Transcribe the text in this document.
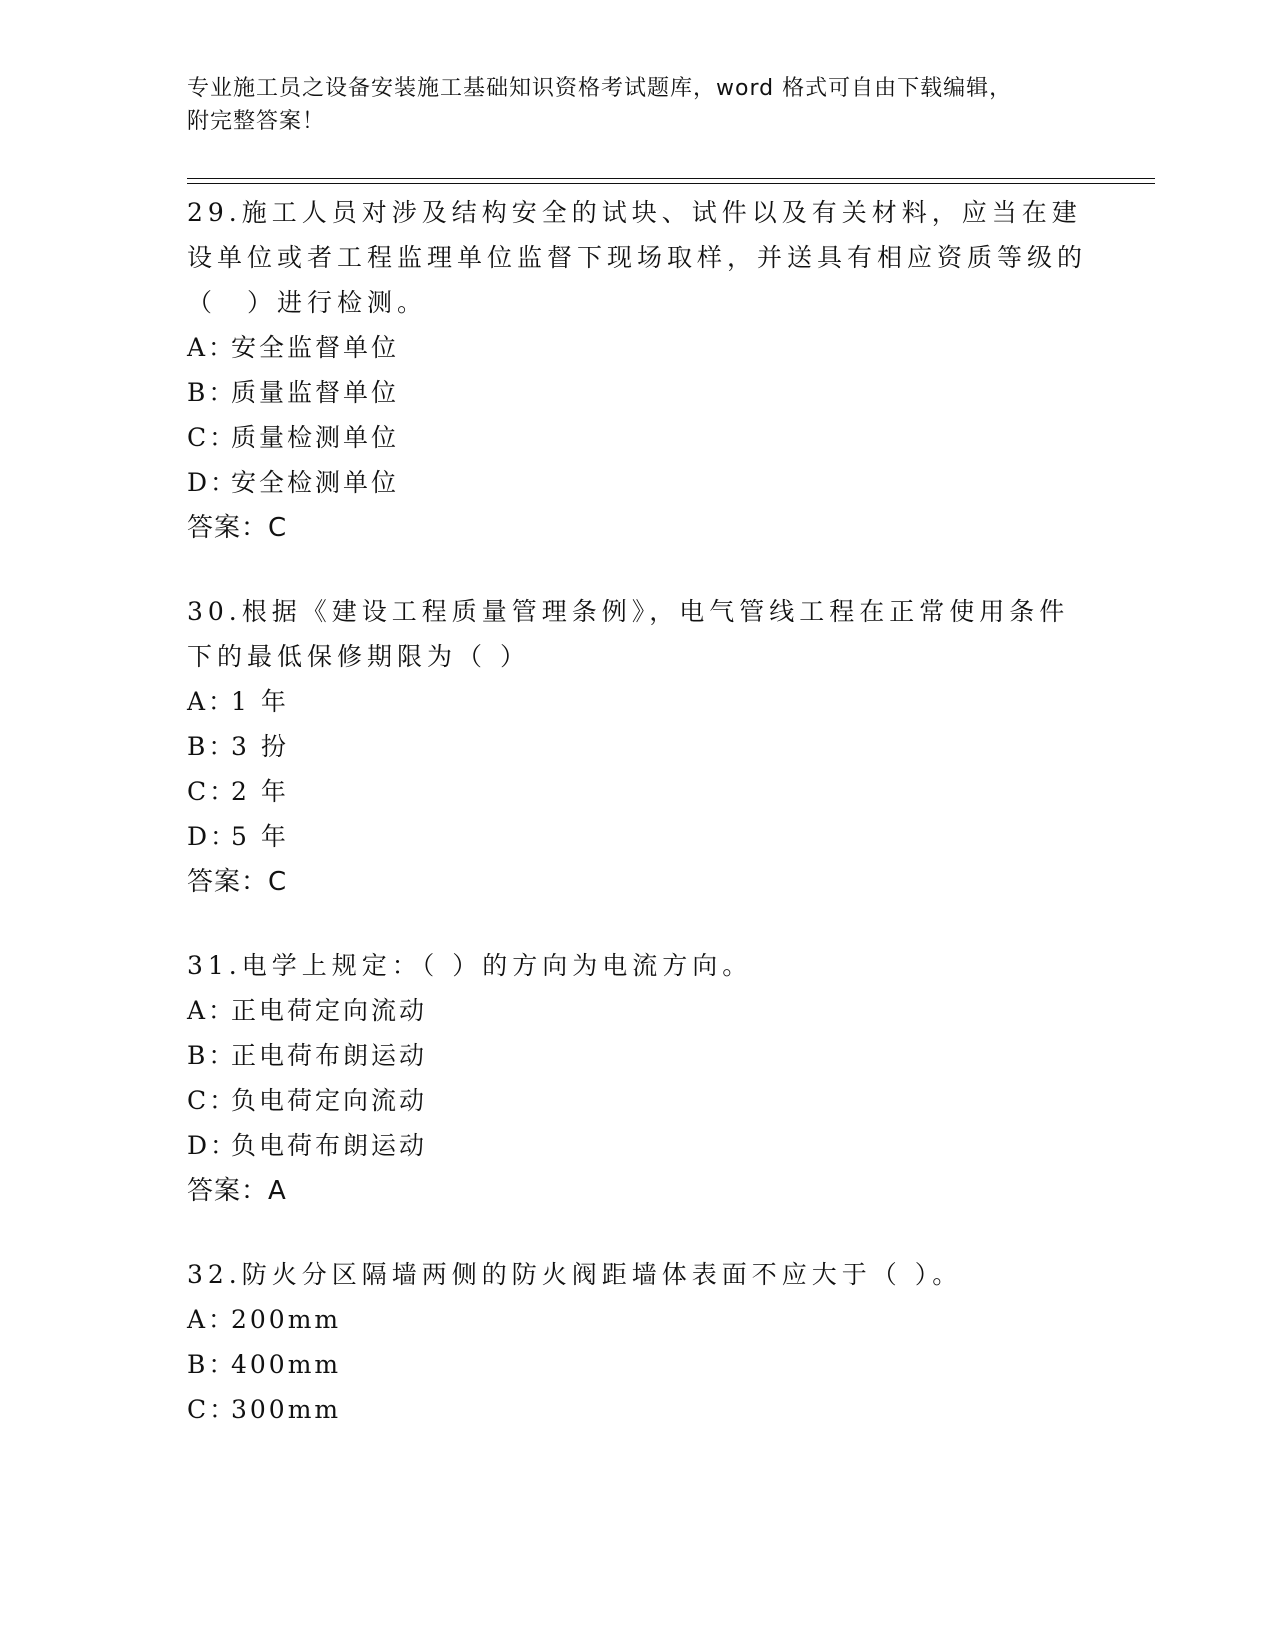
专业施工员之设备安装施工基础知识资格考试题库，word 格式可自由下载编辑，
附完整答案！
29.施工人员对涉及结构安全的试块、试件以及有关材料，应当在建设单位或者工程监理单位监督下现场取样，并送具有相应资质等级的（　）进行检测。
A：
安全监督单位
B：
质量监督单位
C：
质量检测单位
D：
安全检测单位
答案：C
30.根据《建设工程质量管理条例》，电气管线工程在正常使用条件下的最低保修期限为（ ）
A：
1 年
B：
3 扮
C：
2 年
D：
5 年
答案：C
31.电学上规定：（ ）的方向为电流方向。
A：
正电荷定向流动
B：
正电荷布朗运动
C：
负电荷定向流动
D：
负电荷布朗运动
答案：A
32.防火分区隔墙两侧的防火阀距墙体表面不应大于（ ）。
A：
200mm
B：
400mm
C：
300mm
